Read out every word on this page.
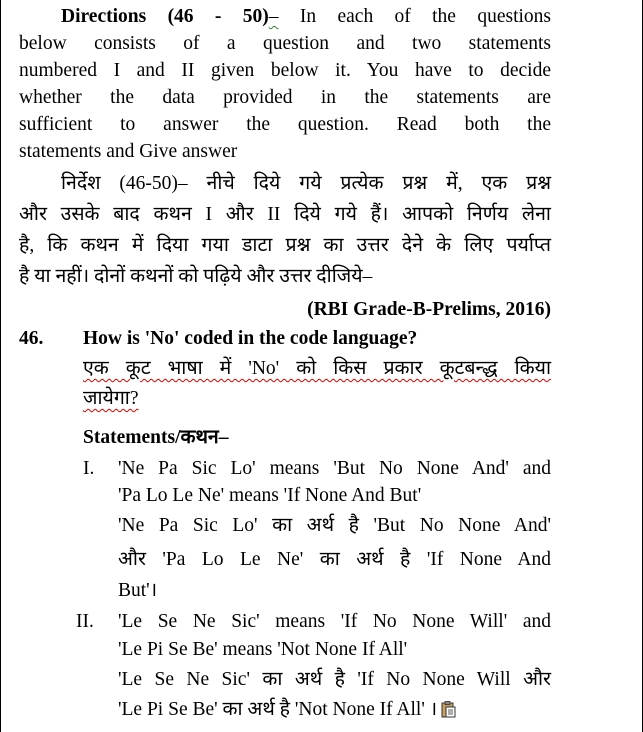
Directions (46 - 50)– In each of the questions
below consists of a question and two statements
numbered I and II given below it. You have to decide
whether the data provided in the statements are
sufficient to answer the question. Read both the
statements and Give answer
निर्देश (46-50)– नीचे दिये गये प्रत्येक प्रश्न में, एक प्रश्न
और उसके बाद कथन I और II दिये गये हैं। आपको निर्णय लेना
है, कि कथन में दिया गया डाटा प्रश्न का उत्तर देने के लिए पर्याप्त
है या नहीं। दोनों कथनों को पढ़िये और उत्तर दीजिये–
(RBI Grade-B-Prelims, 2016)
46. How is 'No' coded in the code language?
एक कूट भाषा में 'No' को किस प्रकार कूटबन्द्ध किया
जायेगा?
Statements/कथन–
I. 'Ne Pa Sic Lo' means 'But No None And' and
'Pa Lo Le Ne' means 'If None And But'
'Ne Pa Sic Lo' का अर्थ है 'But No None And'
और 'Pa Lo Le Ne' का अर्थ है 'If None And
But'।
II. 'Le Se Ne Sic' means 'If No None Will' and
'Le Pi Se Be' means 'Not None If All'
'Le Se Ne Sic' का अर्थ है 'If No None Will और
'Le Pi Se Be' का अर्थ है 'Not None If All' ।
